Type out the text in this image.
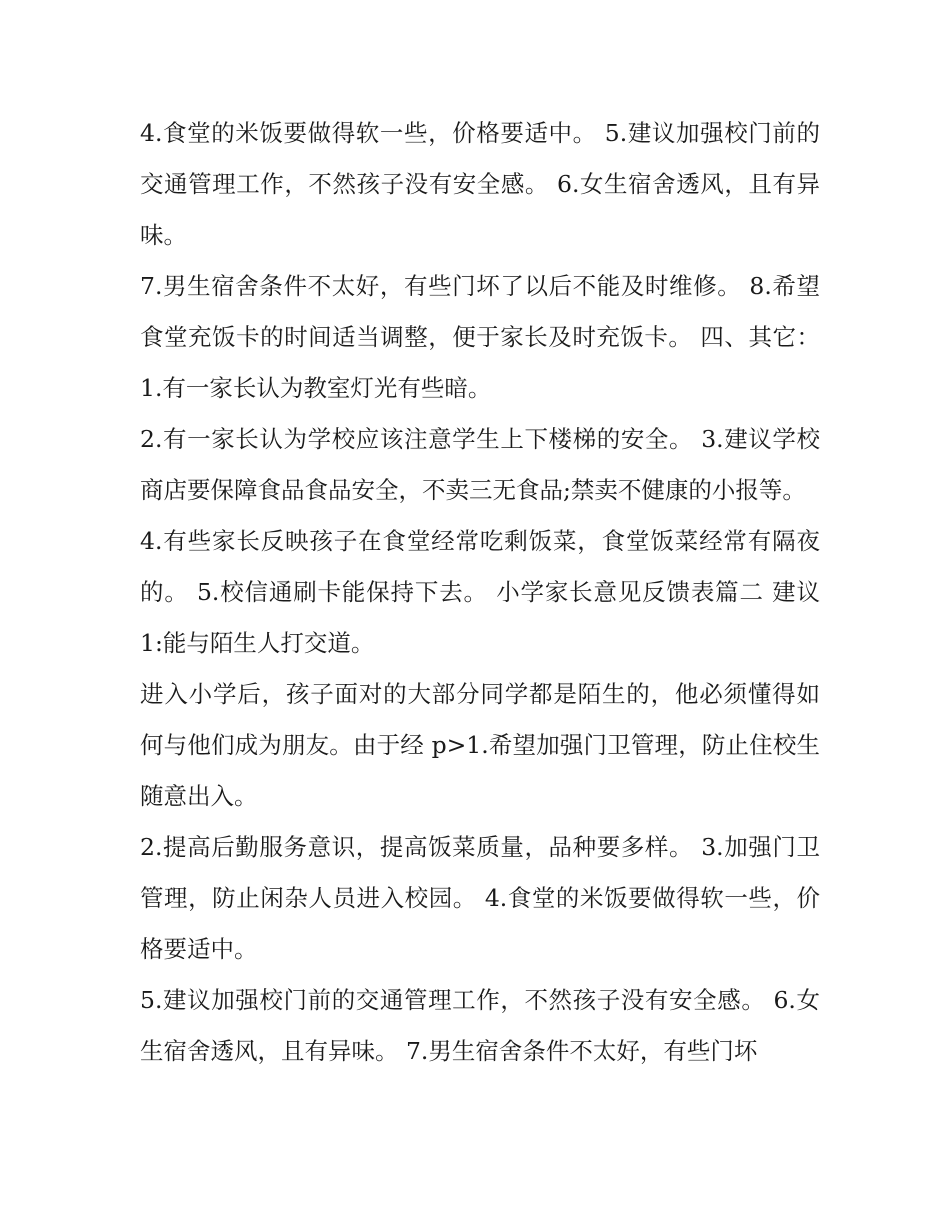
4.食堂的米饭要做得软一些，价格要适中。 5.建议加强校门前的交通管理工作，不然孩子没有安全感。 6.女生宿舍透风，且有异味。

7.男生宿舍条件不太好，有些门坏了以后不能及时维修。 8.希望食堂充饭卡的时间适当调整，便于家长及时充饭卡。 四、其它： 1.有一家长认为教室灯光有些暗。

2.有一家长认为学校应该注意学生上下楼梯的安全。 3.建议学校商店要保障食品食品安全，不卖三无食品;禁卖不健康的小报等。

4.有些家长反映孩子在食堂经常吃剩饭菜，食堂饭菜经常有隔夜的。 5.校信通刷卡能保持下去。 小学家长意见反馈表篇二 建议 1:能与陌生人打交道。

进入小学后，孩子面对的大部分同学都是陌生的，他必须懂得如何与他们成为朋友。由于经 p>1.希望加强门卫管理，防止住校生随意出入。

2.提高后勤服务意识，提高饭菜质量，品种要多样。 3.加强门卫管理，防止闲杂人员进入校园。 4.食堂的米饭要做得软一些，价格要适中。

5.建议加强校门前的交通管理工作，不然孩子没有安全感。 6.女生宿舍透风，且有异味。 7.男生宿舍条件不太好，有些门坏
